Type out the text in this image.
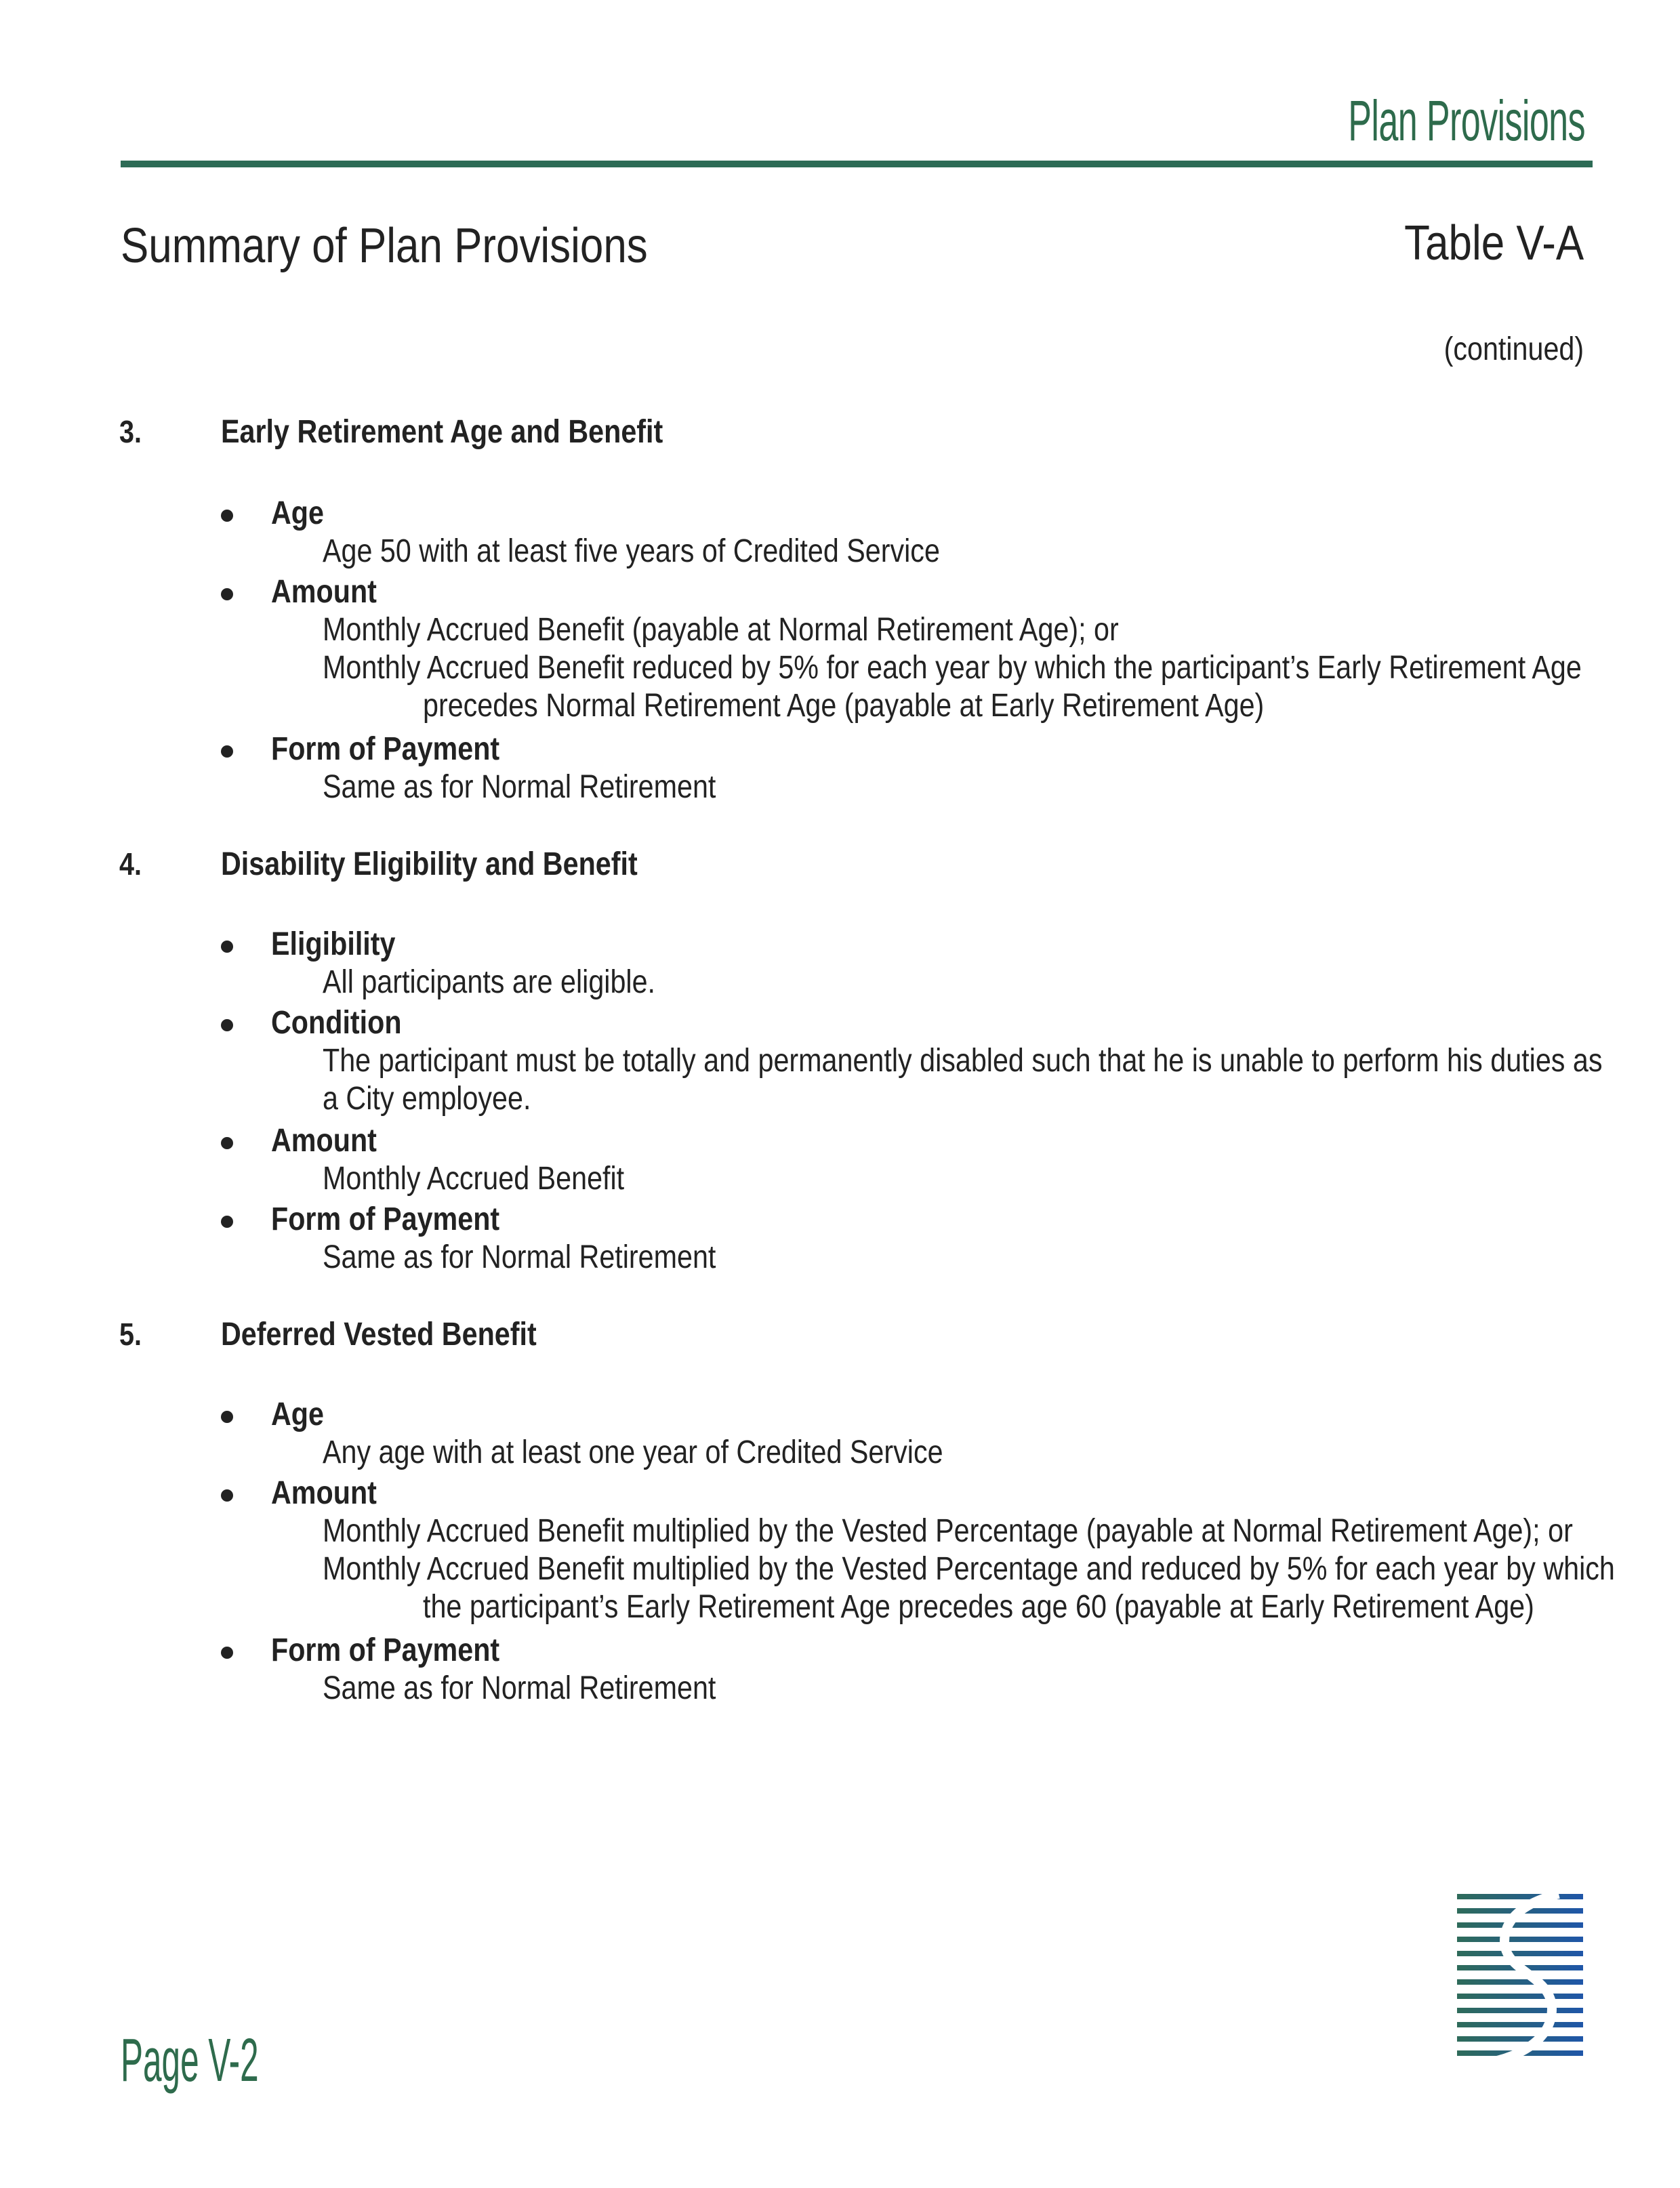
Plan Provisions
Summary of Plan Provisions	Table V-A
(continued)
3. Early Retirement Age and Benefit
Age
Age 50 with at least five years of Credited Service
Amount
Monthly Accrued Benefit (payable at Normal Retirement Age); or
Monthly Accrued Benefit reduced by 5% for each year by which the participant’s Early Retirement Age
precedes Normal Retirement Age (payable at Early Retirement Age)
Form of Payment
Same as for Normal Retirement
4. Disability Eligibility and Benefit
Eligibility
All participants are eligible.
Condition
The participant must be totally and permanently disabled such that he is unable to perform his duties as
a City employee.
Amount
Monthly Accrued Benefit
Form of Payment
Same as for Normal Retirement
5. Deferred Vested Benefit
Age
Any age with at least one year of Credited Service
Amount
Monthly Accrued Benefit multiplied by the Vested Percentage (payable at Normal Retirement Age); or
Monthly Accrued Benefit multiplied by the Vested Percentage and reduced by 5% for each year by which
the participant’s Early Retirement Age precedes age 60 (payable at Early Retirement Age)
Form of Payment
Same as for Normal Retirement
Page V-2
